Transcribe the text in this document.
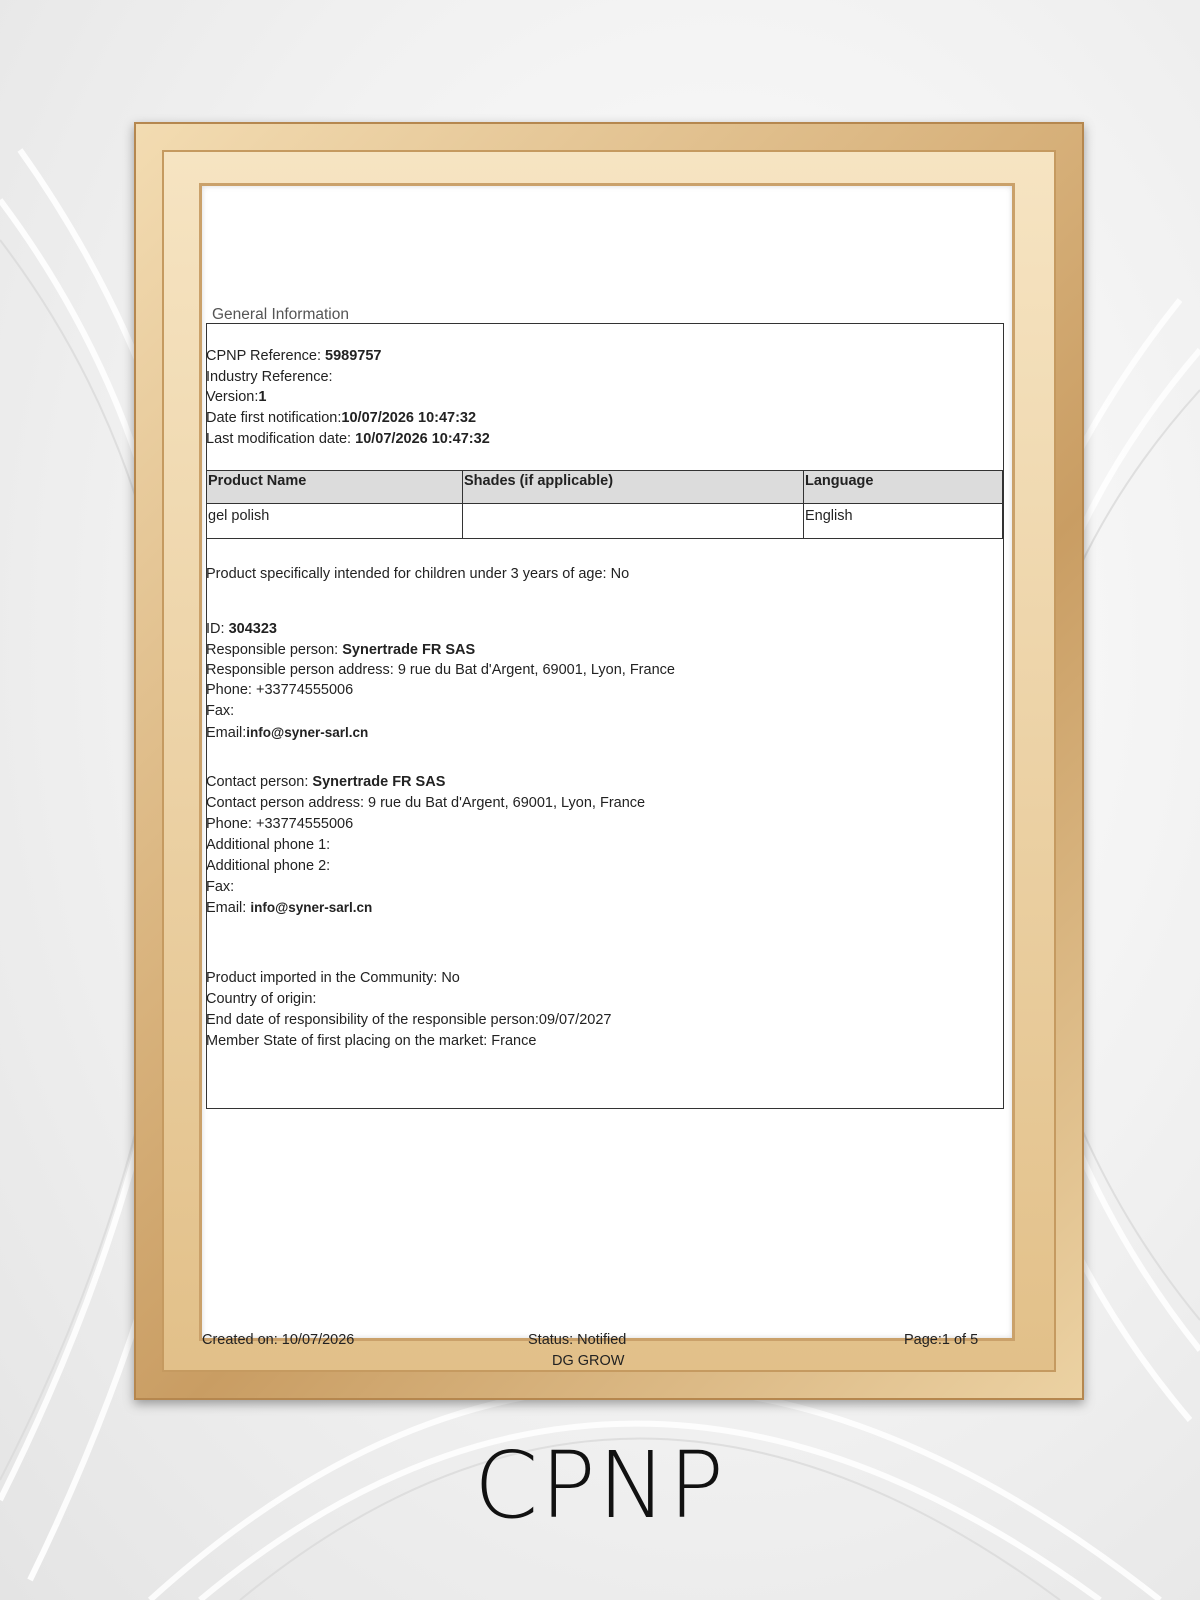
General Information
CPNP Reference: 5989757
Industry Reference:
Version:1
Date first notification:10/07/2026 10:47:32
Last modification date: 10/07/2026 10:47:32
Product Name	Shades (if applicable)	Language
gel polish		English
Product specifically intended for children under 3 years of age: No
ID: 304323
Responsible person: Synertrade FR SAS
Responsible person address: 9 rue du Bat d'Argent, 69001, Lyon, France
Phone: +33774555006
Fax:
Email:info@syner-sarl.cn
Contact person: Synertrade FR SAS
Contact person address: 9 rue du Bat d'Argent, 69001, Lyon, France
Phone: +33774555006
Additional phone 1:
Additional phone 2:
Fax:
Email: info@syner-sarl.cn
Product imported in the Community: No
Country of origin:
End date of responsibility of the responsible person:09/07/2027
Member State of first placing on the market: France
Created on: 10/07/2026	Status: Notified
DG GROW
Page:1 of 5
CPNP
